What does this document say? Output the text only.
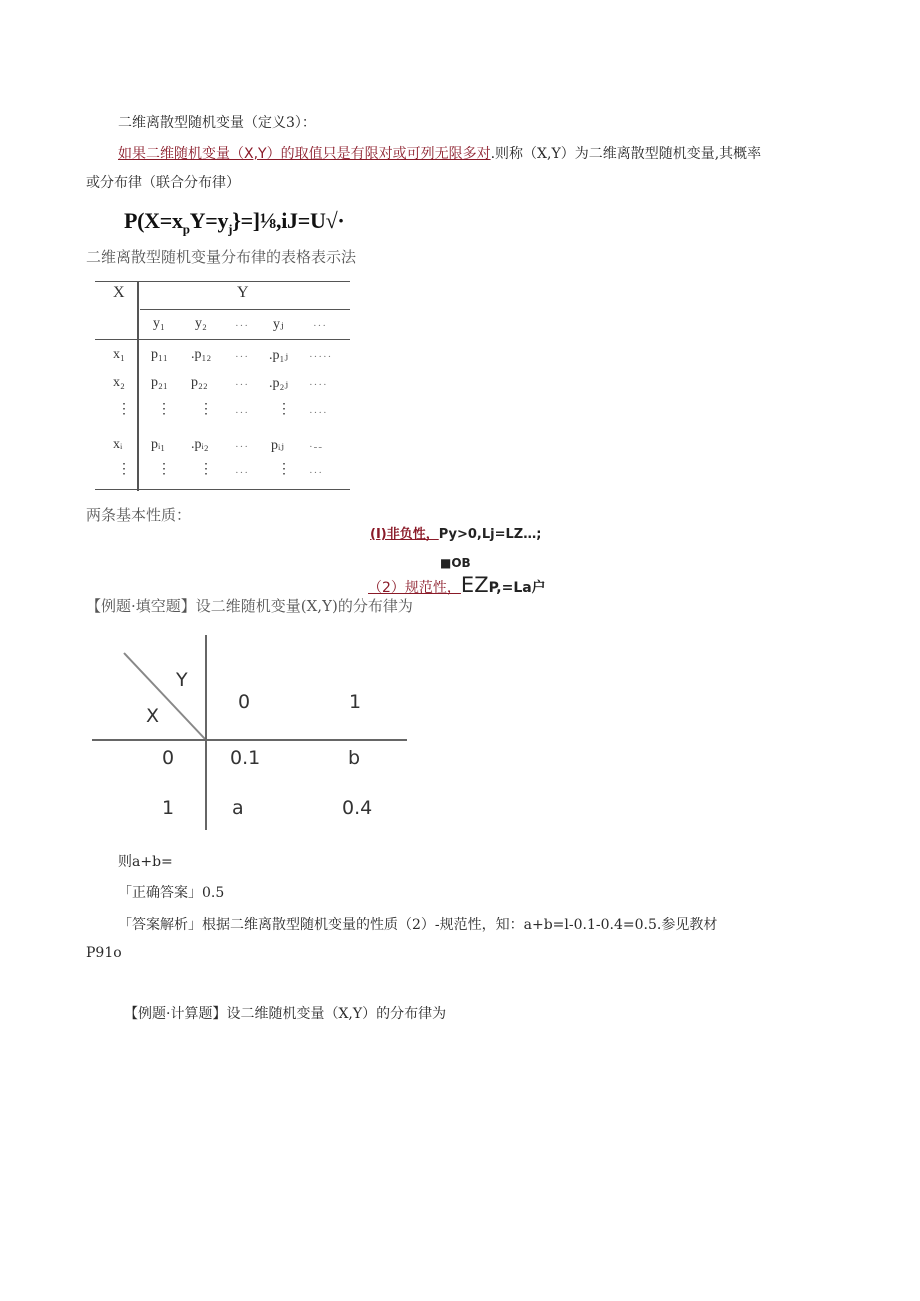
二维离散型随机变量（定义3）：
如果二维随机变量（X,Y）的取值只是有限对或可列无限多对.则称（X,Y）为二维离散型随机变量,其概率
或分布律（联合分布律）
$P(X=x_pY=y_j\}=]\frac{1}{8},iJ=U√\cdot$
二维离散型随机变量分布律的表格表示法
X	Y
y₁ y₂	··· yⱼ	···
x₁ p₁₁ .p₁₂ ··· .p₁ⱼ ·····
x₂ p₂₁ p₂₂ ··· .p₂ⱼ ····
⋮ ⋮ ⋮ ··· ⋮ ····
xᵢ pᵢ₁ .pᵢ₂ ··· pᵢⱼ ·--
⋮ ⋮ ⋮ ··· ⋮ ···
两条基本性质：
(I)非负性，Py>0,Lj=LZ…;
■OB
（2）规范性，EZP,=La户
【例题·填空题】设二维随机变量(X,Y)的分布律为
Y
X
0	1
0	0.1	b
1	a	0.4
则a+b=
「正确答案」0.5
「答案解析」根据二维离散型随机变量的性质（2）-规范性，知：a+b=l-0.1-0.4=0.5.参见教材
P91o
【例题·计算题】设二维随机变量（X,Y）的分布律为
